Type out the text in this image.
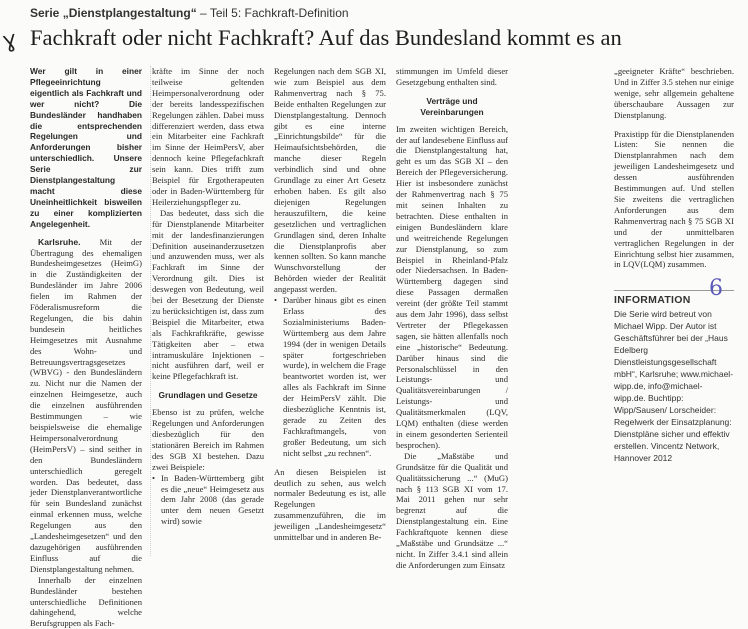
Serie „Dienstplangestaltung“ – Teil 5: Fachkraft-Definition
Fachkraft oder nicht Fachkraft? Auf das Bundesland kommt es an
Ɣ

Wer gilt in einer Pflegeeinrichtung eigentlich als Fachkraft und wer nicht? Die Bundesländer handhaben die entsprechenden Regelungen und Anforderungen bisher unterschiedlich. Unsere Serie zur Dienstplangestaltung macht diese Uneinheitlichkeit bisweilen zu einer komplizierten Angelegenheit.

Karlsruhe. Mit der Übertragung des ehemaligen Bundesheimgesetzes (HeimG) in die Zuständigkeiten der Bundesländer im Jahre 2006 fielen im Rahmen der Föderalismusreform die Regelungen, die bis dahin bundesein heitliches Heimgesetzes mit Ausnahme des Wohn- und Betreuungsvertragsgesetzes (WBVG) - den Bundesländern zu. Nicht nur die Namen der einzelnen Heimgesetze, auch die einzelnen ausführenden Bestimmungen – wie beispielsweise die ehemalige Heimpersonalverordnung (HeimPersV) – sind seither in den Bundesländern unterschiedlich geregelt worden. Das bedeutet, dass jeder Dienstplanverantwortliche für sein Bundesland zunächst einmal erkennen muss, welche Regelungen aus den „Landesheimgesetzen“ und den dazugehörigen ausführenden Einfluss auf die Dienstplangestaltung nehmen.

Innerhalb der einzelnen Bundesländer bestehen unterschiedliche Definitionen dahingehend, welche Berufsgruppen als Fach-

kräfte im Sinne der noch teilweise geltenden Heimpersonalverordnung oder der bereits landesspezifischen Regelungen zählen. Dabei muss differenziert werden, dass etwa ein Mitarbeiter eine Fachkraft im Sinne der HeimPersV, aber dennoch keine Pflegefachkraft sein kann. Dies trifft zum Beispiel für Ergotherapeuten oder in Baden-Württemberg für Heilerziehungspfleger zu.

Das bedeutet, dass sich die für Dienstplanende Mitarbeiter mit der landesfinanzierungen Definition auseinanderzusetzen und anzuwenden muss, wer als Fachkraft im Sinne der Verordnung gilt. Dies ist deswegen von Bedeutung, weil bei der Besetzung der Dienste zu berücksichtigen ist, dass zum Beispiel die Mitarbeiter, etwa als Fachkraftkräfte, gewisse Tätigkeiten aber – etwa intramuskuläre Injektionen – nicht ausführen darf, weil er keine Pflegefachkraft ist.

Grundlagen und Gesetze

Ebenso ist zu prüfen, welche Regelungen und Anforderungen diesbezüglich für den stationären Bereich im Rahmen des SGB XI bestehen. Dazu zwei Beispiele:

• In Baden-Württemberg gibt es die „neue“ Heimgesetz aus dem Jahr 2008 (das gerade unter dem neuen Gesetzt wird) sowie

Regelungen nach dem SGB XI, wie zum Beispiel aus dem Rahmenvertrag nach § 75. Beide enthalten Regelungen zur Dienstplangestaltung. Dennoch gibt es eine interne „Einrichtungsbilde“ für die Heimaufsichtsbehörden, die manche dieser Regeln verbindlich sind und ohne Grundlage zu einer Art Gesetz erhoben haben. Es gilt also diejenigen Regelungen herauszufiltern, die keine gesetzlichen und vertraglichen Grundlagen sind, deren Inhalte die Dienstplanprofis aber kennen sollten. So kann manche Wunschvorstellung der Behörden wieder der Realität angepasst werden.

• Darüber hinaus gibt es einen Erlass des Sozialministeriums Baden-Württemberg aus dem Jahre 1994 (der in wenigen Details später fortgeschrieben wurde), in welchem die Frage beantwortet worden ist, wer alles als Fachkraft im Sinne der HeimPersV zählt. Die diesbezügliche Kenntnis ist, gerade zu Zeiten des Fachkraftmangels, von großer Bedeutung, um sich nicht selbst „zu rechnen“.

An diesen Beispielen ist deutlich zu sehen, aus welch normaler Bedeutung es ist, alle Regelungen zusammenzuführen, die im jeweiligen „Landesheimgesetz“ unmittelbar und in anderen Be-

stimmungen im Umfeld dieser Gesetzgebung enthalten sind.

Verträge und Vereinbarungen

Im zweiten wichtigen Bereich, der auf landesebene Einfluss auf die Dienstplangestaltung hat, geht es um das SGB XI – den Bereich der Pflegeversicherung. Hier ist insbesondere zunächst der Rahmenvertrag nach § 75 mit seinen Inhalten zu betrachten. Diese enthalten in einigen Bundesländern klare und weitreichende Regelungen zur Dienstplanung, so zum Beispiel in Rheinland-Pfalz oder Niedersachsen. In Baden-Württemberg dagegen sind diese Passagen dermaßen vereint (der größte Teil stammt aus dem Jahr 1996), dass selbst Vertreter der Pflegekassen sagen, sie hätten allenfalls noch eine „historische“ Bedeutung. Darüber hinaus sind die Personalschlüssel in den Leistungs- und Qualitätsvereinbarungen / Leistungs- und Qualitätsmerkmalen (LQV, LQM) enthalten (diese werden in einem gesonderten Serienteil besprochen).

Die „Maßstäbe und Grundsätze für die Qualität und Qualitätssicherung ...“ (MuG) nach § 113 SGB XI vom 17. Mai 2011 gehen nur sehr begrenzt auf die Dienstplangestaltung ein. Eine Fachkraftquote kennen diese „Maßstäbe und Grundsätze ...“ nicht. In Ziffer 3.4.1 sind allein die Anforderungen zum Einsatz

„geeigneter Kräfte“ beschrieben. Und in Ziffer 3.5 stehen nur einige wenige, sehr allgemein gehaltene überschaubare Aussagen zur Dienstplanung.

Praxistipp für die Dienstplanenden Listen: Sie nennen die Dienstplanrahmen nach dem jeweiligen Landesheimgesetz und dessen ausführenden Bestimmungen auf. Und stellen Sie zweitens die vertraglichen Anforderungen aus dem Rahmenvertrag nach § 75 SGB XI und der unmittelbaren vertraglichen Regelungen in der Einrichtung selbst hier zusammen, in LQV(LQM) zusammen.

INFORMATION 6
Die Serie wird betreut von Michael Wipp. Der Autor ist Geschäftsführer bei der „Haus Edelberg Dienstleistungsgesellschaft mbH“, Karlsruhe; www.michael-wipp.de, info@michael-wipp.de. Buchtipp: Wipp/Sausen/ Lorscheider: Regelwerk der Einsatzplanung: Dienstpläne sicher und effektiv erstellen. Vincentz Network, Hannover 2012
